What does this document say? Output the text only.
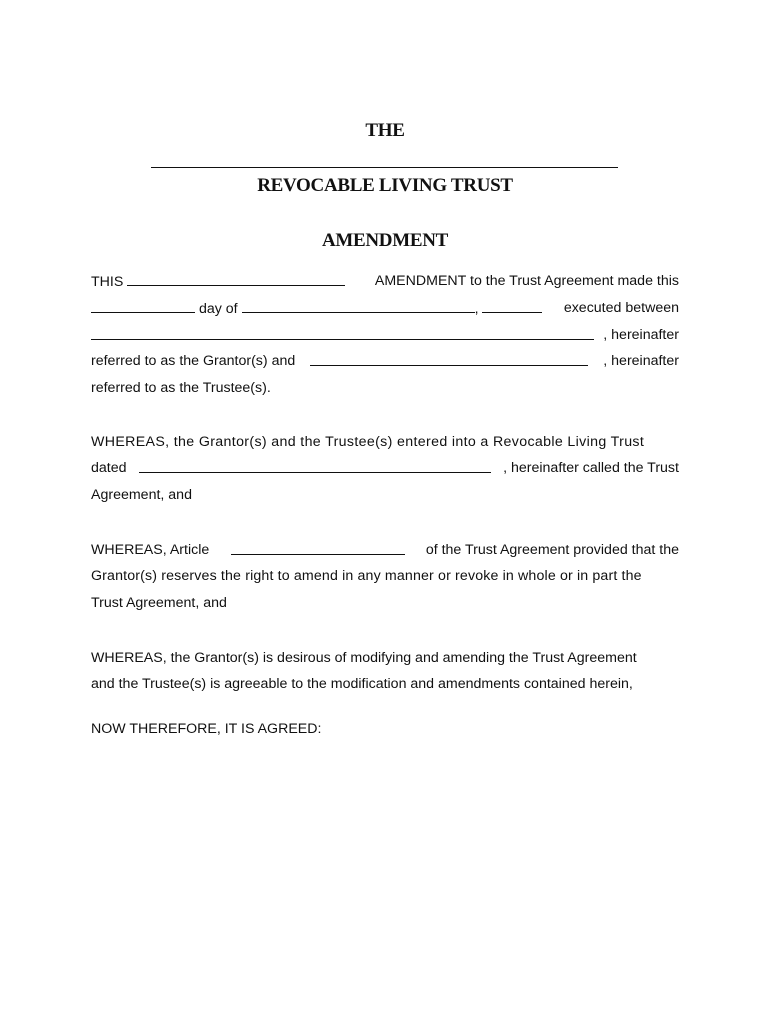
THE
REVOCABLE LIVING TRUST
AMENDMENT
THIS	AMENDMENT to the Trust Agreement made this
day of	,	executed between
, hereinafter
referred to as the Grantor(s) and	, hereinafter
referred to as the Trustee(s).
WHEREAS, the Grantor(s) and the Trustee(s) entered into a Revocable Living Trust
dated	, hereinafter called the Trust
Agreement, and
WHEREAS, Article	of the Trust Agreement provided that the
Grantor(s) reserves the right to amend in any manner or revoke in whole or in part the
Trust Agreement, and
WHEREAS, the Grantor(s) is desirous of modifying and amending the Trust Agreement
and the Trustee(s) is agreeable to the modification and amendments contained herein,
NOW THEREFORE, IT IS AGREED:
